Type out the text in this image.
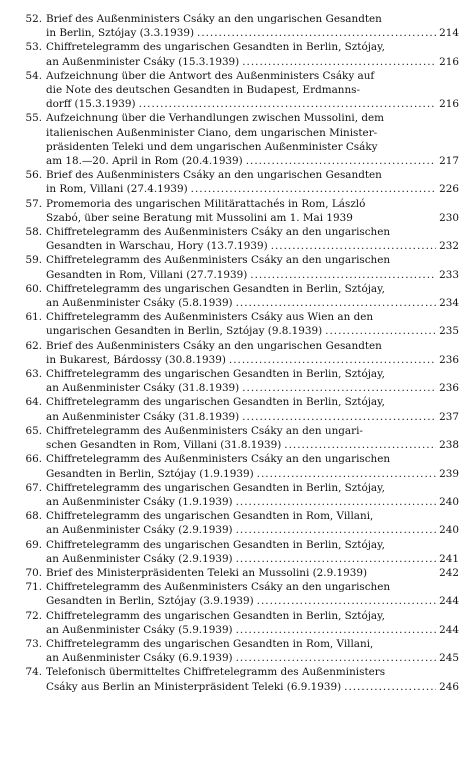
52. Brief des Außenministers Csáky an den ungarischen Gesandten
in Berlin, Sztójay (3.3.1939) .....	214
53. Chiffretelegramm des ungarischen Gesandten in Berlin, Sztójay,
an Außenminister Csáky (15.3.1939) .....	216
54. Aufzeichnung über die Antwort des Außenministers Csáky auf
die Note des deutschen Gesandten in Budapest, Erdmanns-
dorff (15.3.1939) .....	216
55. Aufzeichnung über die Verhandlungen zwischen Mussolini, dem
italienischen Außenminister Ciano, dem ungarischen Minister-
präsidenten Teleki und dem ungarischen Außenminister Csáky
am 18.—20. April in Rom (20.4.1939) .....	217
56. Brief des Außenministers Csáky an den ungarischen Gesandten
in Rom, Villani (27.4.1939) .....	226
57. Promemoria des ungarischen Militärattachés in Rom, László
Szabó, über seine Beratung mit Mussolini am 1. Mai 1939	230
58. Chiffretelegramm des Außenministers Csáky an den ungarischen
Gesandten in Warschau, Hory (13.7.1939) .....	232
59. Chiffretelegramm des Außenministers Csáky an den ungarischen
Gesandten in Rom, Villani (27.7.1939) .....	233
60. Chiffretelegramm des ungarischen Gesandten in Berlin, Sztójay,
an Außenminister Csáky (5.8.1939) .....	234
61. Chiffretelegramm des Außenministers Csáky aus Wien an den
ungarischen Gesandten in Berlin, Sztójay (9.8.1939) .....	235
62. Brief des Außenministers Csáky an den ungarischen Gesandten
in Bukarest, Bárdossy (30.8.1939) .....	236
63. Chiffretelegramm des ungarischen Gesandten in Berlin, Sztójay,
an Außenminister Csáky (31.8.1939) .....	236
64. Chiffretelegramm des ungarischen Gesandten in Berlin, Sztójay,
an Außenminister Csáky (31.8.1939) .....	237
65. Chiffretelegramm des Außenministers Csáky an den ungari-
schen Gesandten in Rom, Villani (31.8.1939) .....	238
66. Chiffretelegramm des Außenministers Csáky an den ungarischen
Gesandten in Berlin, Sztójay (1.9.1939) .....	239
67. Chiffretelegramm des ungarischen Gesandten in Berlin, Sztójay,
an Außenminister Csáky (1.9.1939) .....	240
68. Chiffretelegramm des ungarischen Gesandten in Rom, Villani,
an Außenminister Csáky (2.9.1939) .....	240
69. Chiffretelegramm des ungarischen Gesandten in Berlin, Sztójay,
an Außenminister Csáky (2.9.1939) .....	241
70. Brief des Ministerpräsidenten Teleki an Mussolini (2.9.1939)	242
71. Chiffretelegramm des Außenministers Csáky an den ungarischen
Gesandten in Berlin, Sztójay (3.9.1939) .....	244
72. Chiffretelegramm des ungarischen Gesandten in Berlin, Sztójay,
an Außenminister Csáky (5.9.1939) .....	244
73. Chiffretelegramm des ungarischen Gesandten in Rom, Villani,
an Außenminister Csáky (6.9.1939) .....	245
74. Telefonisch übermitteltes Chiffretelegramm des Außenministers
Csáky aus Berlin an Ministerpräsident Teleki (6.9.1939) .....	246
